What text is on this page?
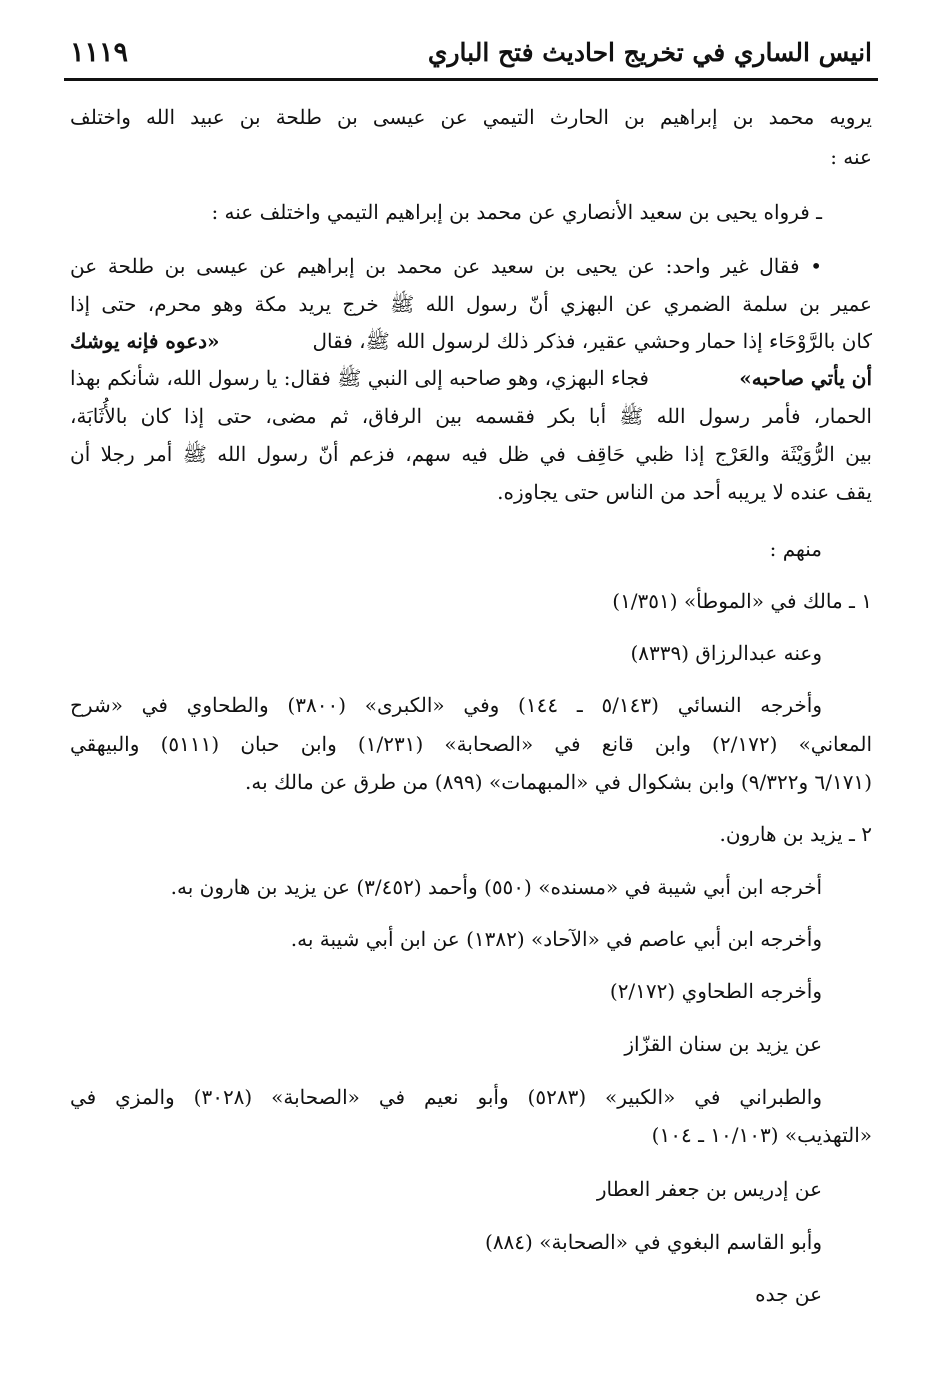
انيس الساري في تخريج احاديث فتح الباري
١١١٩
يرويه محمد بن إبراهيم بن الحارث التيمي عن عيسى بن طلحة بن عبيد الله واختلف
عنه :
ـ فرواه يحيى بن سعيد الأنصاري عن محمد بن إبراهيم التيمي واختلف عنه :
• فقال غير واحد: عن يحيى بن سعيد عن محمد بن إبراهيم عن عيسى بن طلحة عن
عمير بن سلمة الضمري عن البهزي أنّ رسول الله ﷺ خرج يريد مكة وهو محرم، حتى إذا
كان بالرَّوْحَاء إذا حمار وحشي عقير، فذكر ذلك لرسول الله ﷺ، فقال
«دعوه فإنه يوشك
أن يأتي صاحبه»
فجاء البهزي، وهو صاحبه إلى النبي ﷺ فقال: يا رسول الله، شأنكم بهذا
الحمار، فأمر رسول الله ﷺ أبا بكر فقسمه بين الرفاق، ثم مضى، حتى إذا كان بالأُثَابَة،
بين الرُّوَيْثَة والعَرْج إذا ظبي حَاقِف في ظل فيه سهم، فزعم أنّ رسول الله ﷺ أمر رجلا أن
يقف عنده لا يريبه أحد من الناس حتى يجاوزه.
منهم :
١ ـ مالك في «الموطأ» (١/٣٥١)
وعنه عبدالرزاق (٨٣٣٩)
وأخرجه النسائي (٥/١٤٣ ـ ١٤٤) وفي «الكبرى» (٣٨٠٠) والطحاوي في «شرح
المعاني» (٢/١٧٢) وابن قانع في «الصحابة» (١/٢٣١) وابن حبان (٥١١١) والبيهقي
(٦/١٧١ و٩/٣٢٢) وابن بشكوال في «المبهمات» (٨٩٩) من طرق عن مالك به.
٢ ـ يزيد بن هارون.
أخرجه ابن أبي شيبة في «مسنده» (٥٥٠) وأحمد (٣/٤٥٢) عن يزيد بن هارون به.
وأخرجه ابن أبي عاصم في «الآحاد» (١٣٨٢) عن ابن أبي شيبة به.
وأخرجه الطحاوي (٢/١٧٢)
عن يزيد بن سنان القزّاز
والطبراني في «الكبير» (٥٢٨٣) وأبو نعيم في «الصحابة» (٣٠٢٨) والمزي في
«التهذيب» (١٠/١٠٣ ـ ١٠٤)
عن إدريس بن جعفر العطار
وأبو القاسم البغوي في «الصحابة» (٨٨٤)
عن جده
